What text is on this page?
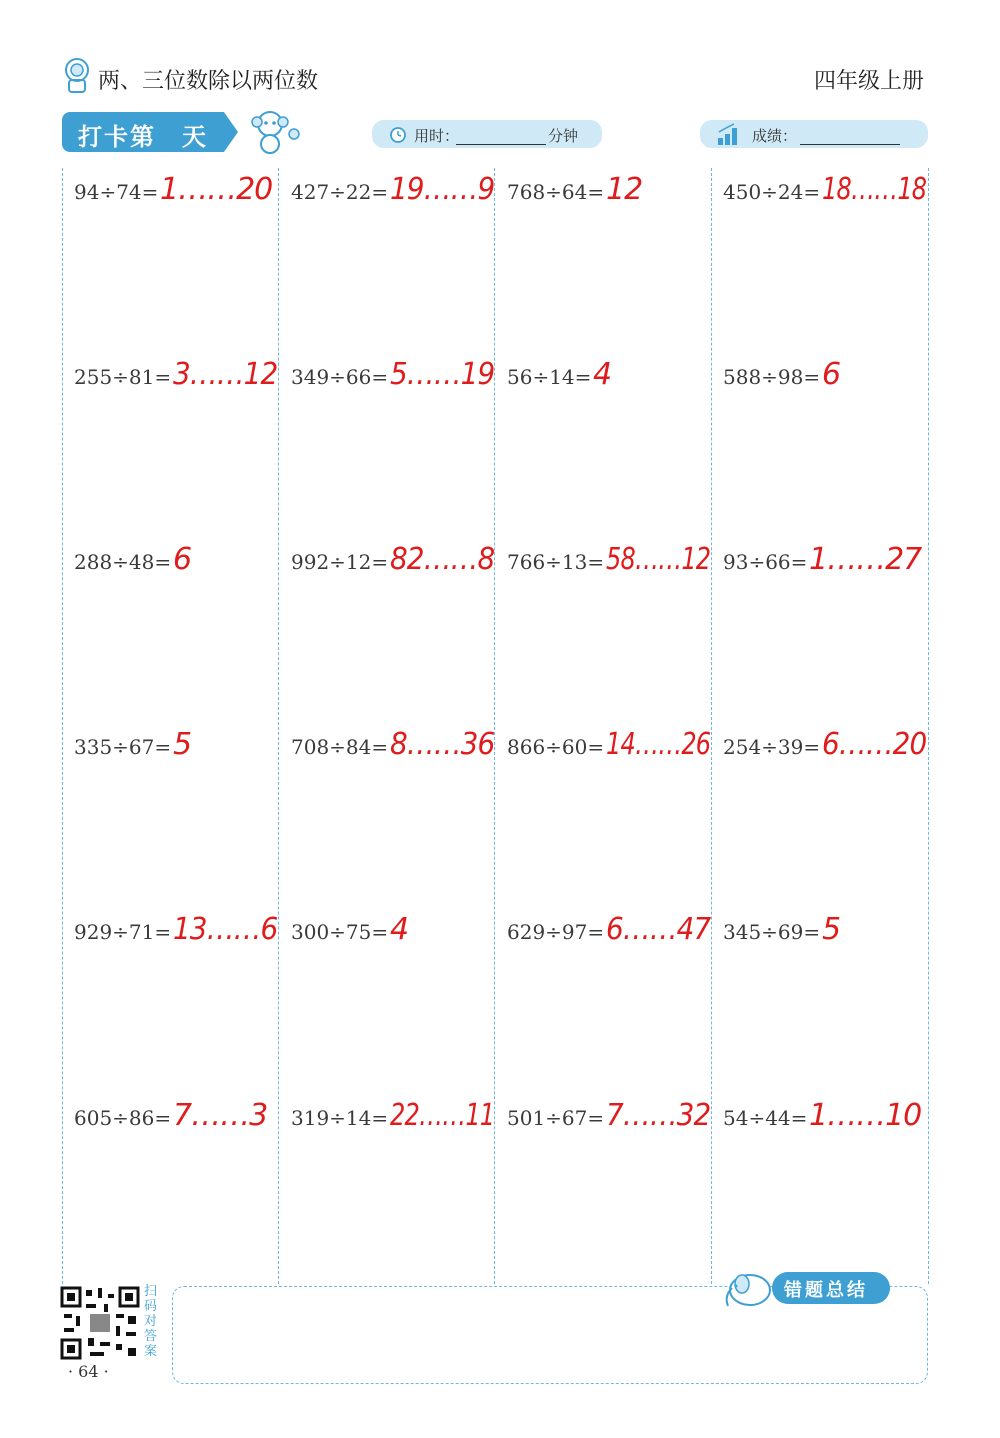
两、三位数除以两位数	四年级上册
打卡第　天	用时：	分钟	成绩：
94÷74= 1……20 427÷22= 19……9 768÷64= 12	450÷24= 18……18
255÷81= 3……12 349÷66= 5……19 56÷14= 4	588÷98= 6
288÷48= 6	992÷12= 82……8 766÷13= 58……12 93÷66= 1……27
335÷67= 5	708÷84= 8……36 866÷60= 14……26 254÷39= 6……20
929÷71= 13……6 300÷75= 4	629÷97= 6……47 345÷69= 5
605÷86= 7……3 319÷14= 22……11 501÷67= 7……32 54÷44= 1……10
错题总结
扫码对答案
· 64 ·
